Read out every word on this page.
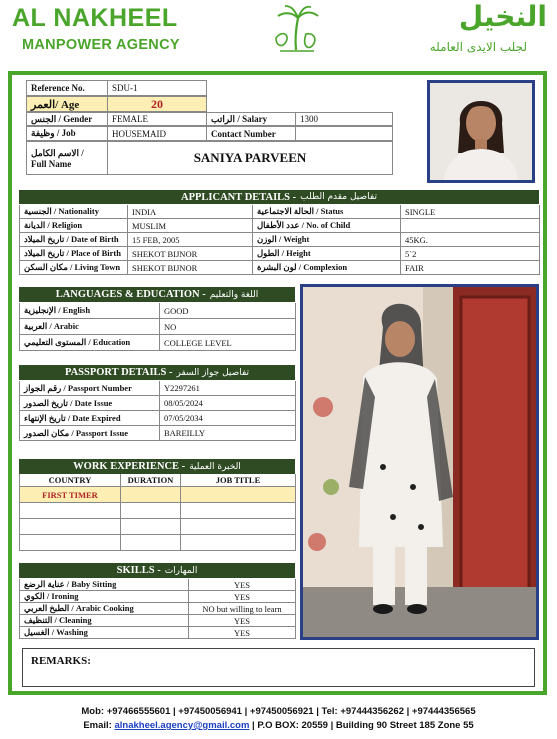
AL NAKHEEL
MANPOWER AGENCY
النخيل
لجلب الايدى العامله
Reference No.	SDU-1
العمر/ Age	20
الجنس / Gender	FEMALE	الراتب / Salary	1300
وظيفة / Job	HOUSEMAID	Contact Number
الاسم الكامل /
Full Name	SANIYA PARVEEN
APPLICANT DETAILS - تفاصيل مقدم الطلب
الجنسية / Nationality	INDIA	الحالة الاجتماعية / Status	SINGLE
الديانة / Religion	MUSLIM	عدد الأطفال / No. of Child
تاريخ الميلاد / Date of Birth	15 FEB, 2005	الوزن / Weight	45KG.
تاريخ الميلاد / Place of Birth	SHEKOT BIJNOR	الطول / Height	5`2
مكان السكن / Living Town	SHEKOT BIJNOR	لون البشرة / Complexion	FAIR
LANGUAGES & EDUCATION - اللغة والتعليم
الإنجليزية / English	GOOD
العربية / Arabic	NO
المستوى التعليمي / Education	COLLEGE LEVEL
PASSPORT DETAILS - تفاصيل جواز السفر
رقم الجواز / Passport Number	Y2297261
تاريخ الصدور / Date Issue	08/05/2024
تاريخ الإنتهاء / Date Expired	07/05/2034
مكان الصدور / Passport Issue	BAREILLY
WORK EXPERIENCE - الخبرة العملية
COUNTRY	DURATION	JOB TITLE
FIRST TIMER
SKILLS - المهارات
عناية الرضع / Baby Sitting	YES
الكوي / Ironing	YES
الطبخ العربي / Arabic Cooking	NO but willing to learn
التنظيف / Cleaning	YES
الغسيل / Washing	YES
REMARKS:
Mob: +97466555601 | +97450056941 | +97450056921 | Tel: +97444356262 | +97444356565
Email: alnakheel.agency@gmail.com | P.O BOX: 20559 | Building 90 Street 185 Zone 55
